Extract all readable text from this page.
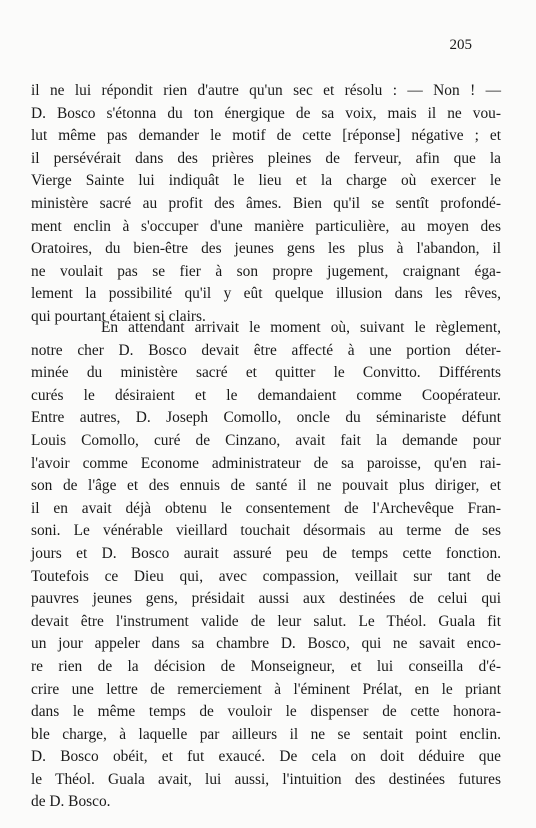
205
il ne lui répondit rien d'autre qu'un sec et résolu : — Non ! —
D. Bosco s'étonna du ton énergique de sa voix, mais il ne vou-
lut même pas demander le motif de cette [réponse] négative ; et
il persévérait dans des prières pleines de ferveur, afin que la
Vierge Sainte lui indiquât le lieu et la charge où exercer le
ministère sacré au profit des âmes. Bien qu'il se sentît profondé-
ment enclin à s'occuper d'une manière particulière, au moyen des
Oratoires, du bien-être des jeunes gens les plus à l'abandon, il
ne voulait pas se fier à son propre jugement, craignant éga-
lement la possibilité qu'il y eût quelque illusion dans les rêves,
qui pourtant étaient si clairs.
En attendant arrivait le moment où, suivant le règlement,
notre cher D. Bosco devait être affecté à une portion déter-
minée du ministère sacré et quitter le Convitto. Différents
curés le désiraient et le demandaient comme Coopérateur.
Entre autres, D. Joseph Comollo, oncle du séminariste défunt
Louis Comollo, curé de Cinzano, avait fait la demande pour
l'avoir comme Econome administrateur de sa paroisse, qu'en rai-
son de l'âge et des ennuis de santé il ne pouvait plus diriger, et
il en avait déjà obtenu le consentement de l'Archevêque Fran-
soni. Le vénérable vieillard touchait désormais au terme de ses
jours et D. Bosco aurait assuré peu de temps cette fonction.
Toutefois ce Dieu qui, avec compassion, veillait sur tant de
pauvres jeunes gens, présidait aussi aux destinées de celui qui
devait être l'instrument valide de leur salut. Le Théol. Guala fit
un jour appeler dans sa chambre D. Bosco, qui ne savait enco-
re rien de la décision de Monseigneur, et lui conseilla d'é-
crire une lettre de remerciement à l'éminent Prélat, en le priant
dans le même temps de vouloir le dispenser de cette honora-
ble charge, à laquelle par ailleurs il ne se sentait point enclin.
D. Bosco obéit, et fut exaucé. De cela on doit déduire que
le Théol. Guala avait, lui aussi, l'intuition des destinées futures
de D. Bosco.
